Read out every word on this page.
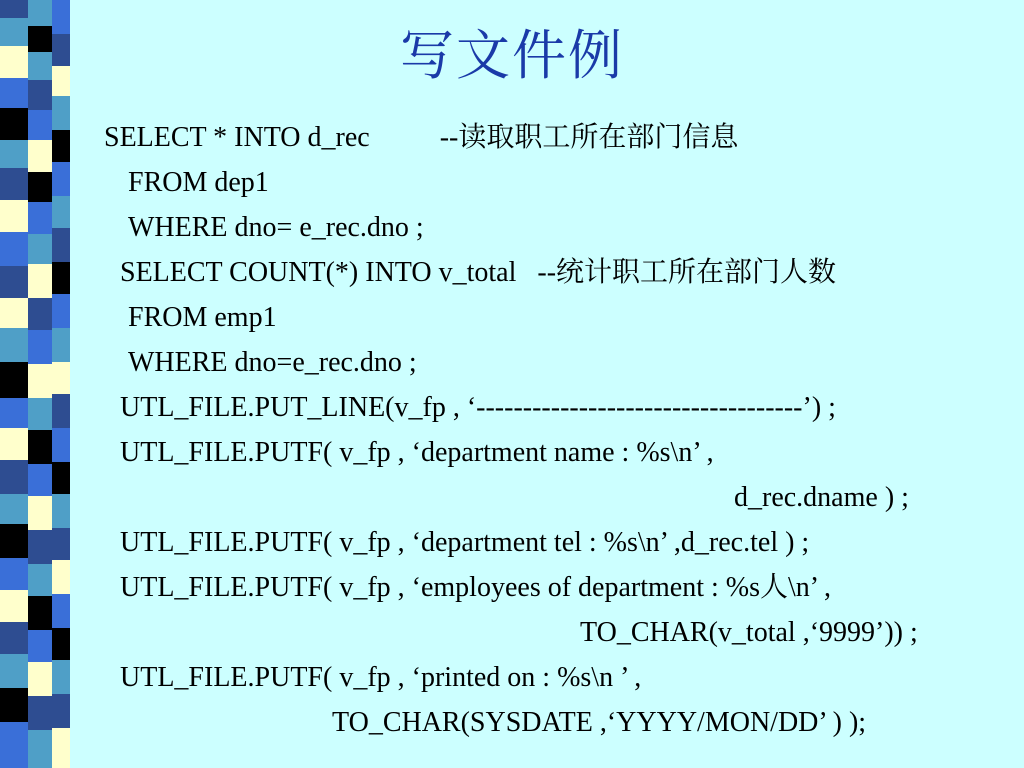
写文件例
SELECT * INTO d_rec          --读取职工所在部门信息
FROM dep1
WHERE dno= e_rec.dno ;
SELECT COUNT(*) INTO v_total   --统计职工所在部门人数
FROM emp1
WHERE dno=e_rec.dno ;
UTL_FILE.PUT_LINE(v_fp , ‘-----------------------------------’) ;
UTL_FILE.PUTF( v_fp , ‘department name : %s\n’ ,
d_rec.dname ) ;
UTL_FILE.PUTF( v_fp , ‘department tel : %s\n’ ,d_rec.tel ) ;
UTL_FILE.PUTF( v_fp , ‘employees of department : %s人\n’ ,
TO_CHAR(v_total ,‘9999’)) ;
UTL_FILE.PUTF( v_fp , ‘printed on : %s\n ’ ,
TO_CHAR(SYSDATE ,‘YYYY/MON/DD’ ) );
